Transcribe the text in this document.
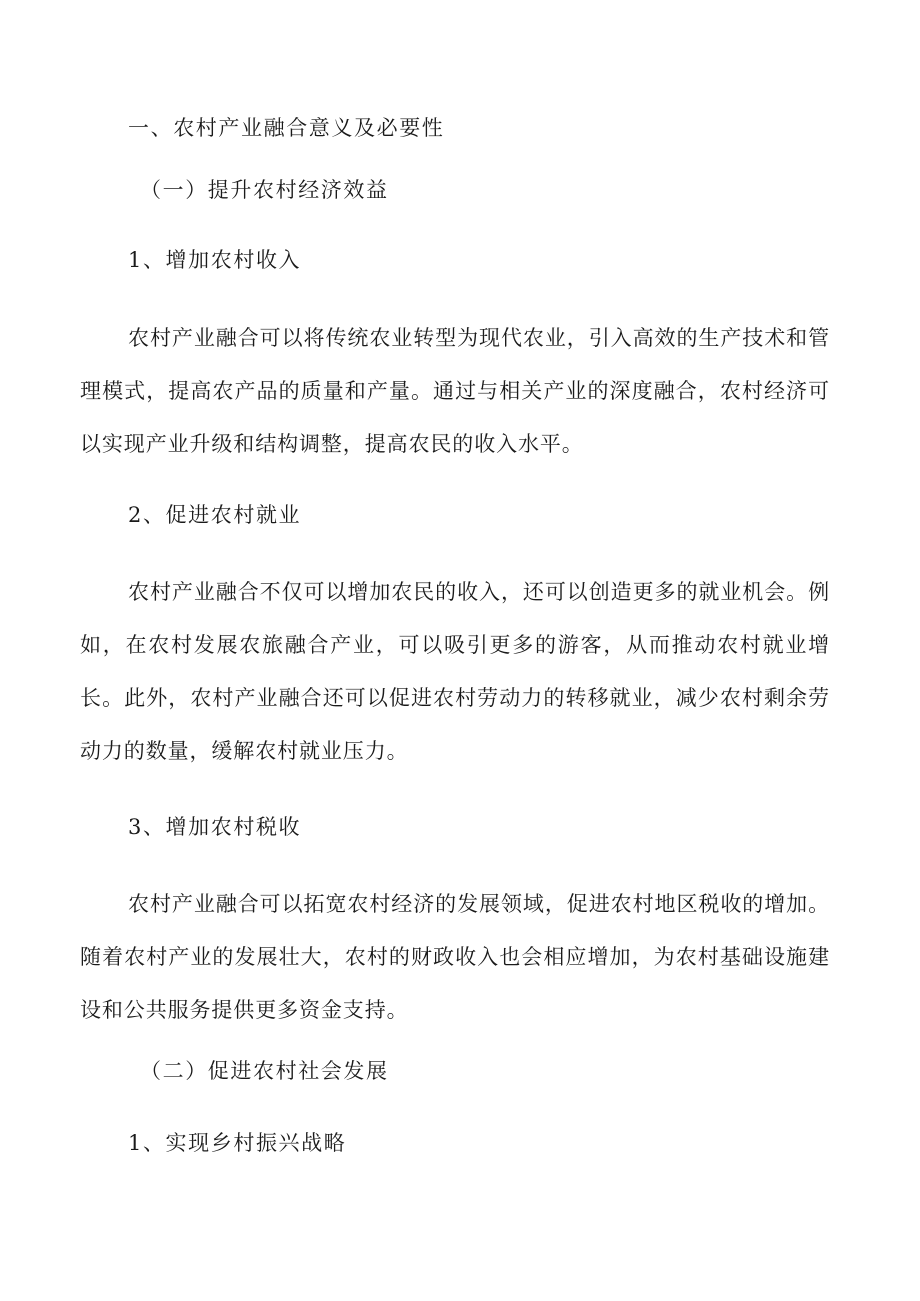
一、农村产业融合意义及必要性
（一）提升农村经济效益
1、增加农村收入

农村产业融合可以将传统农业转型为现代农业，引入高效的生产技术和管理模式，提高农产品的质量和产量。通过与相关产业的深度融合，农村经济可以实现产业升级和结构调整，提高农民的收入水平。

2、促进农村就业

农村产业融合不仅可以增加农民的收入，还可以创造更多的就业机会。例如，在农村发展农旅融合产业，可以吸引更多的游客，从而推动农村就业增长。此外，农村产业融合还可以促进农村劳动力的转移就业，减少农村剩余劳动力的数量，缓解农村就业压力。

3、增加农村税收

农村产业融合可以拓宽农村经济的发展领域，促进农村地区税收的增加。随着农村产业的发展壮大，农村的财政收入也会相应增加，为农村基础设施建设和公共服务提供更多资金支持。

（二）促进农村社会发展
1、实现乡村振兴战略
